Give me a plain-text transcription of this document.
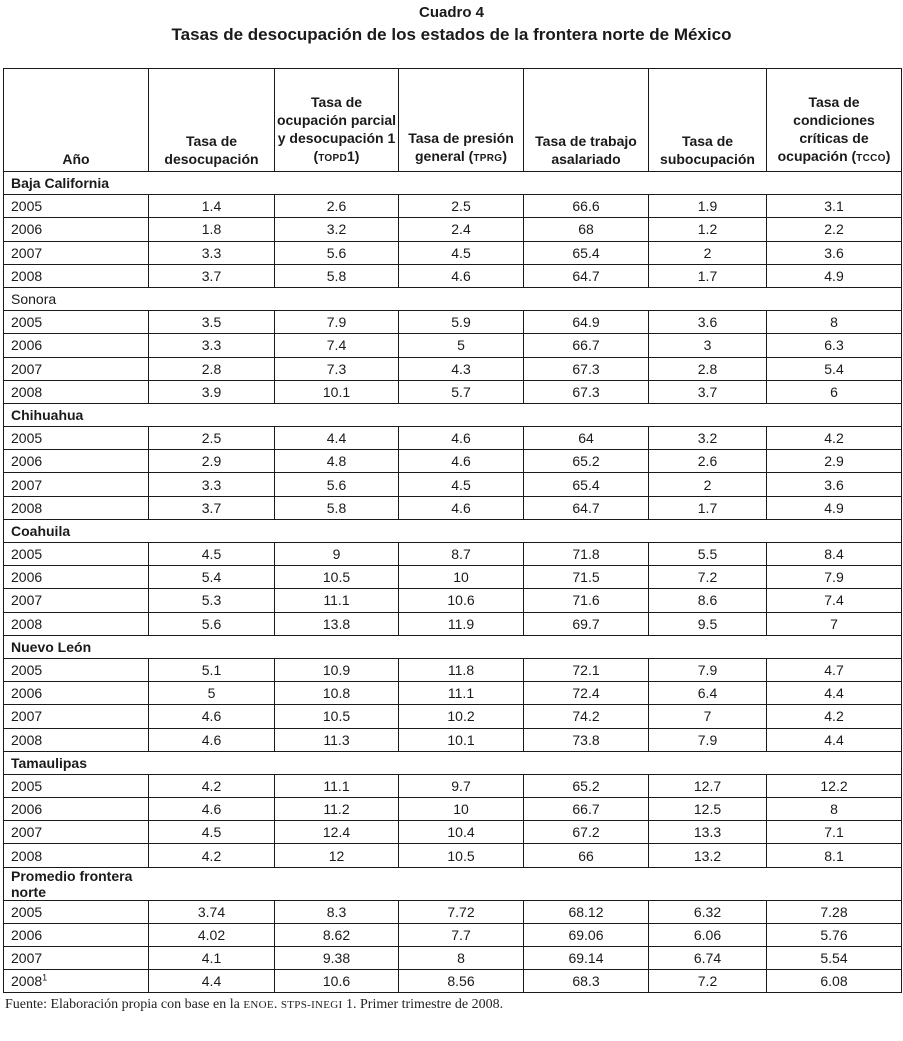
Cuadro 4
Tasas de desocupación de los estados de la frontera norte de México
Año	Tasa de desocupación	Tasa de ocupación parcial y desocupación 1 (TOPD1)	Tasa de presión general (TPRG)	Tasa de trabajo asalariado	Tasa de subocupación	Tasa de condiciones críticas de ocupación (TCCO)
Baja California						
2005	1.4	2.6	2.5	66.6	1.9	3.1
2006	1.8	3.2	2.4	68	1.2	2.2
2007	3.3	5.6	4.5	65.4	2	3.6
2008	3.7	5.8	4.6	64.7	1.7	4.9
Sonora						
2005	3.5	7.9	5.9	64.9	3.6	8
2006	3.3	7.4	5	66.7	3	6.3
2007	2.8	7.3	4.3	67.3	2.8	5.4
2008	3.9	10.1	5.7	67.3	3.7	6
Chihuahua						
2005	2.5	4.4	4.6	64	3.2	4.2
2006	2.9	4.8	4.6	65.2	2.6	2.9
2007	3.3	5.6	4.5	65.4	2	3.6
2008	3.7	5.8	4.6	64.7	1.7	4.9
Coahuila						
2005	4.5	9	8.7	71.8	5.5	8.4
2006	5.4	10.5	10	71.5	7.2	7.9
2007	5.3	11.1	10.6	71.6	8.6	7.4
2008	5.6	13.8	11.9	69.7	9.5	7
Nuevo León						
2005	5.1	10.9	11.8	72.1	7.9	4.7
2006	5	10.8	11.1	72.4	6.4	4.4
2007	4.6	10.5	10.2	74.2	7	4.2
2008	4.6	11.3	10.1	73.8	7.9	4.4
Tamaulipas						
2005	4.2	11.1	9.7	65.2	12.7	12.2
2006	4.6	11.2	10	66.7	12.5	8
2007	4.5	12.4	10.4	67.2	13.3	7.1
2008	4.2	12	10.5	66	13.2	8.1
Promedio frontera norte						
2005	3.74	8.3	7.72	68.12	6.32	7.28
2006	4.02	8.62	7.7	69.06	6.06	5.76
2007	4.1	9.38	8	69.14	6.74	5.54
2008$^1$	4.4	10.6	8.56	68.3	7.2	6.08
Fuente: Elaboración propia con base en la ENOE. STPS-INEGI 1. Primer trimestre de 2008.
